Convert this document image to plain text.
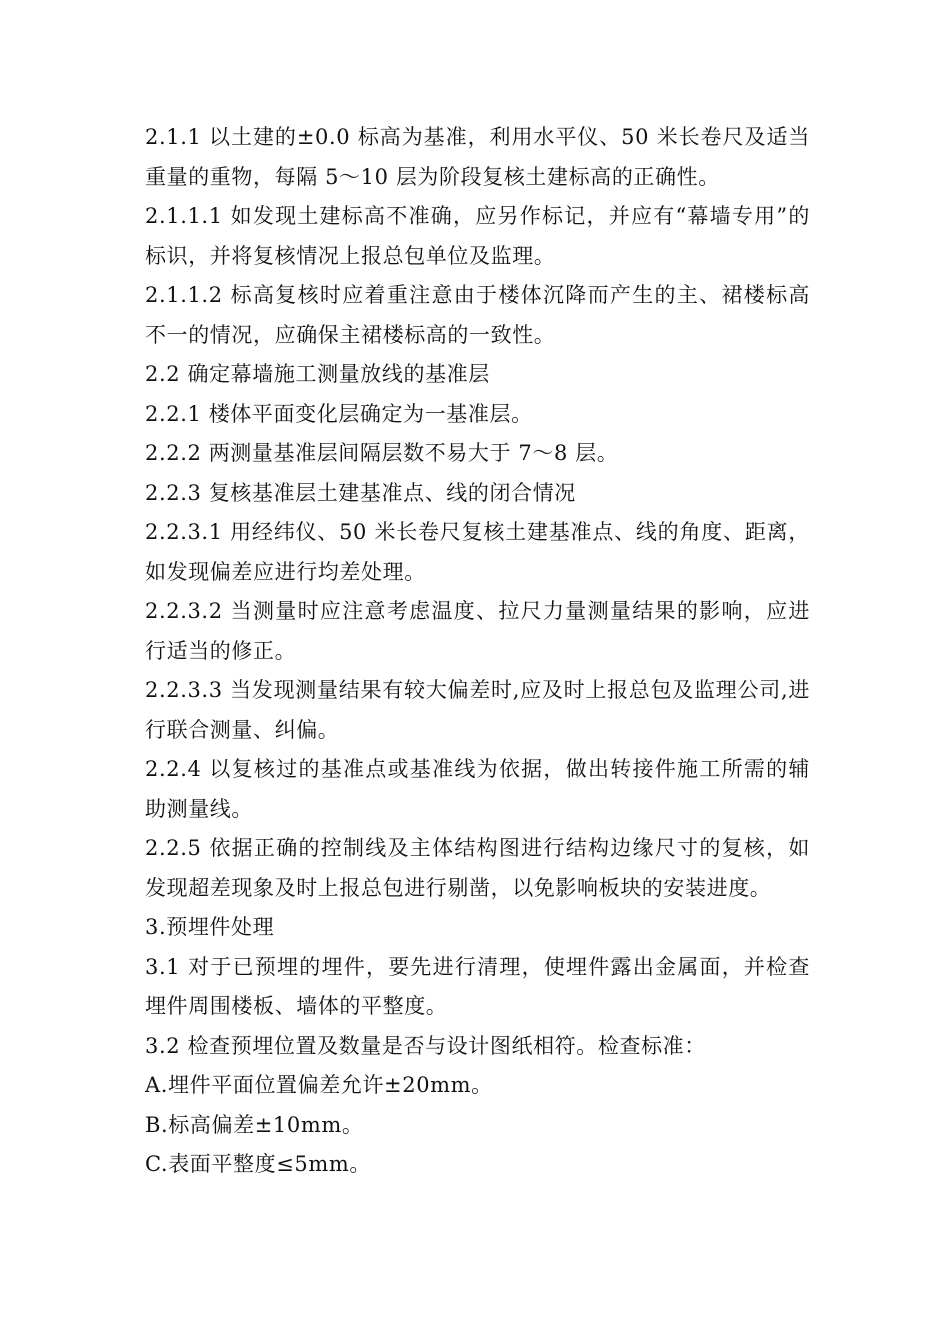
2.1.1 以土建的±0.0 标高为基准，利用水平仪、50 米长卷尺及适当重量的重物，每隔 5～10 层为阶段复核土建标高的正确性。

2.1.1.1 如发现土建标高不准确，应另作标记，并应有“幕墙专用”的标识，并将复核情况上报总包单位及监理。

2.1.1.2 标高复核时应着重注意由于楼体沉降而产生的主、裙楼标高不一的情况，应确保主裙楼标高的一致性。

2.2 确定幕墙施工测量放线的基准层

2.2.1 楼体平面变化层确定为一基准层。

2.2.2 两测量基准层间隔层数不易大于 7～8 层。

2.2.3 复核基准层土建基准点、线的闭合情况

2.2.3.1 用经纬仪、50 米长卷尺复核土建基准点、线的角度、距离，如发现偏差应进行均差处理。

2.2.3.2 当测量时应注意考虑温度、拉尺力量测量结果的影响，应进行适当的修正。

2.2.3.3 当发现测量结果有较大偏差时,应及时上报总包及监理公司,进行联合测量、纠偏。

2.2.4 以复核过的基准点或基准线为依据，做出转接件施工所需的辅助测量线。

2.2.5 依据正确的控制线及主体结构图进行结构边缘尺寸的复核，如发现超差现象及时上报总包进行剔凿，以免影响板块的安装进度。

3.预埋件处理

3.1 对于已预埋的埋件，要先进行清理，使埋件露出金属面，并检查埋件周围楼板、墙体的平整度。

3.2 检查预埋位置及数量是否与设计图纸相符。检查标准：

A.埋件平面位置偏差允许±20mm。

B.标高偏差±10mm。

C.表面平整度≤5mm。
